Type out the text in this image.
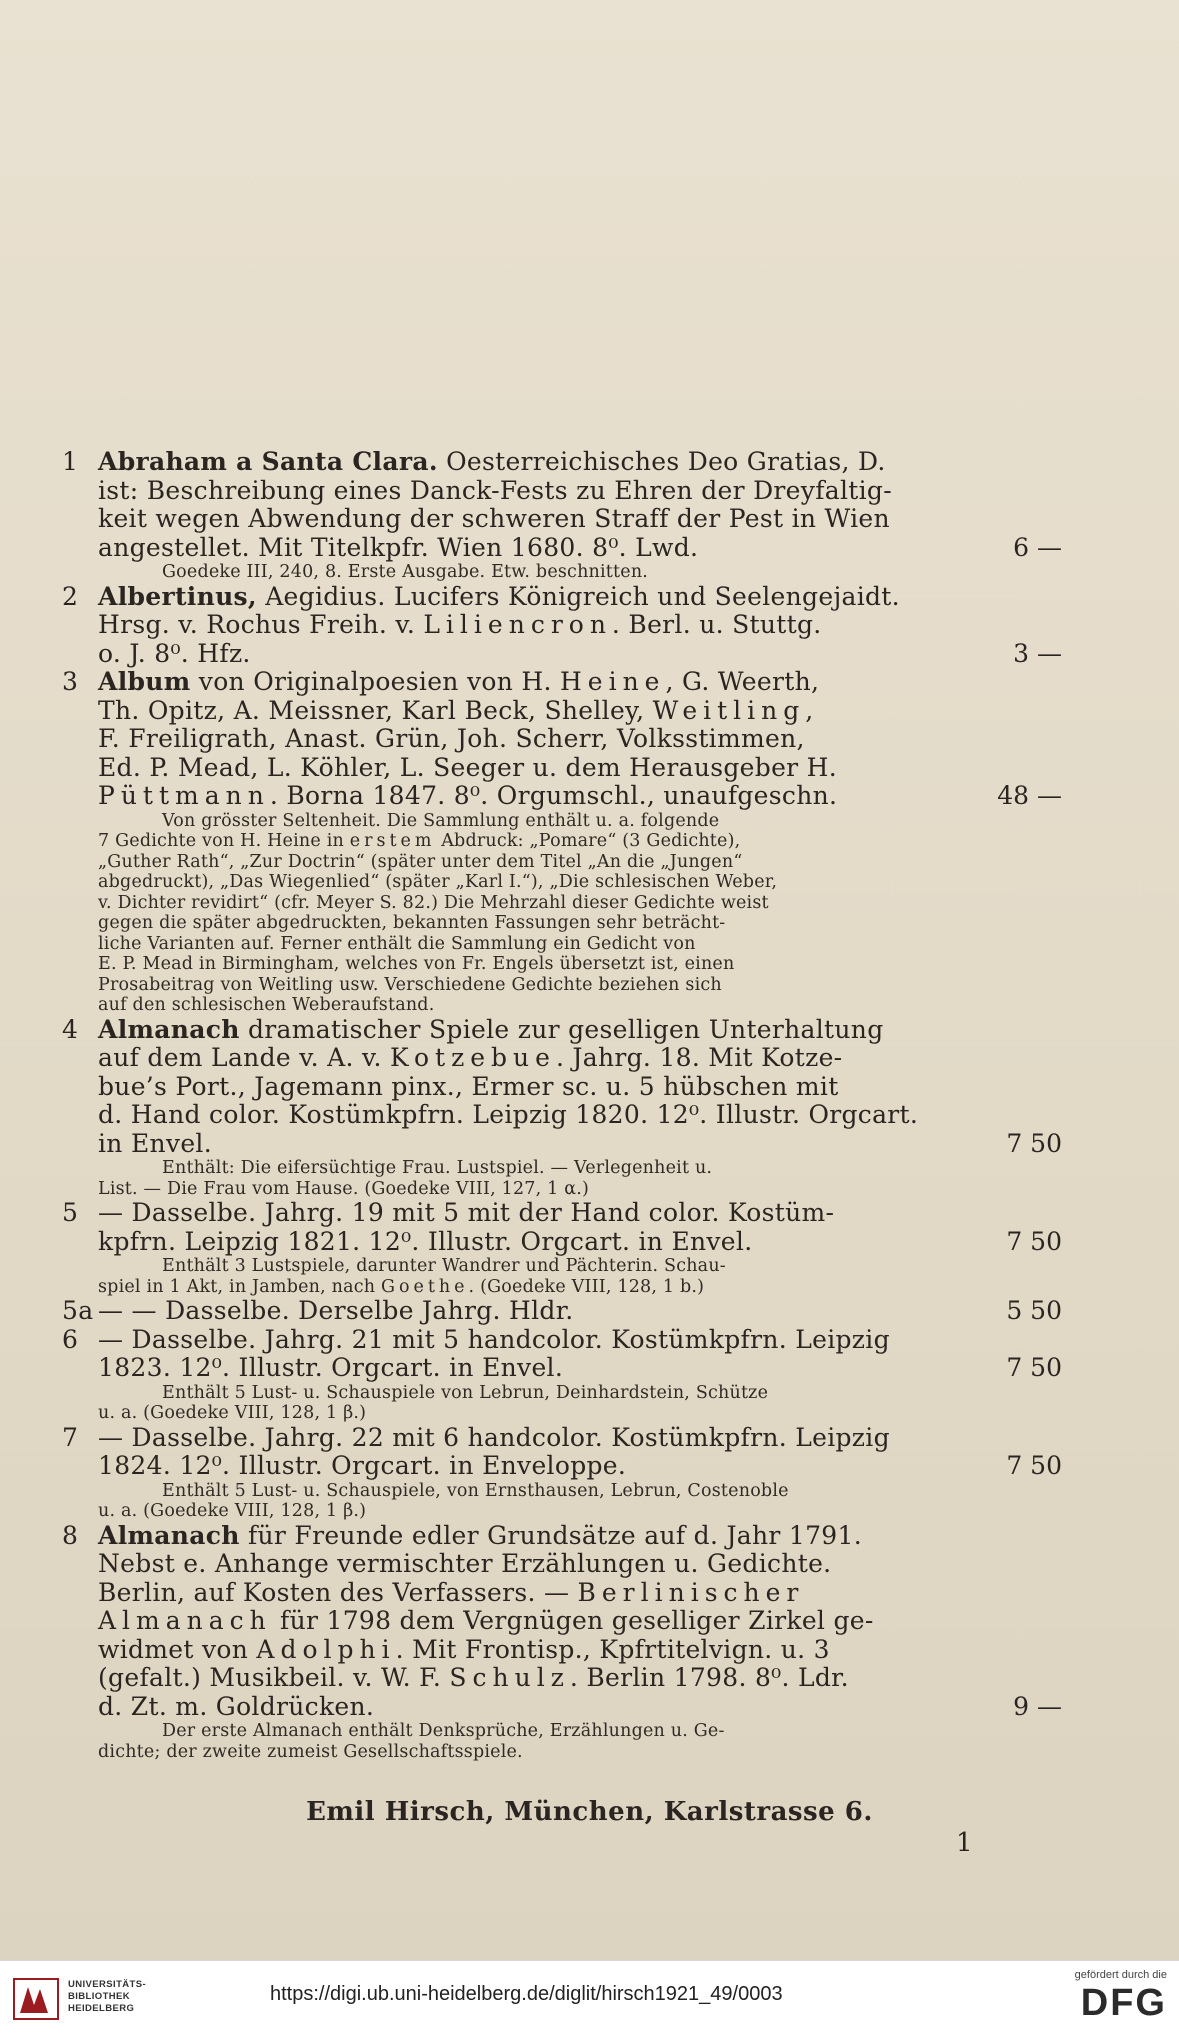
1 Abraham a Santa Clara. Oesterreichisches Deo Gratias, D.
ist: Beschreibung eines Danck-Fests zu Ehren der Dreyfaltig-
keit wegen Abwendung der schweren Straff der Pest in Wien
angestellet. Mit Titelkpfr. Wien 1680. 8⁰. Lwd.	6 —
Goedeke III, 240, 8. Erste Ausgabe. Etw. beschnitten.
2 Albertinus, Aegidius. Lucifers Königreich und Seelengejaidt.
Hrsg. v. Rochus Freih. v. Liliencron. Berl. u. Stuttg.
o. J. 8⁰. Hfz.	3 —
3 Album von Originalpoesien von H. Heine, G. Weerth,
Th. Opitz, A. Meissner, Karl Beck, Shelley, Weitling,
F. Freiligrath, Anast. Grün, Joh. Scherr, Volksstimmen,
Ed. P. Mead, L. Köhler, L. Seeger u. dem Herausgeber H.
Püttmann. Borna 1847. 8⁰. Orgumschl., unaufgeschn.	48 —
Von grösster Seltenheit. Die Sammlung enthält u. a. folgende
7 Gedichte von H. Heine in erstem Abdruck: „Pomare“ (3 Gedichte),
„Guther Rath“, „Zur Doctrin“ (später unter dem Titel „An die „Jungen“
abgedruckt), „Das Wiegenlied“ (später „Karl I.“), „Die schlesischen Weber,
v. Dichter revidirt“ (cfr. Meyer S. 82.) Die Mehrzahl dieser Gedichte weist
gegen die später abgedruckten, bekannten Fassungen sehr beträcht-
liche Varianten auf. Ferner enthält die Sammlung ein Gedicht von
E. P. Mead in Birmingham, welches von Fr. Engels übersetzt ist, einen
Prosabeitrag von Weitling usw. Verschiedene Gedichte beziehen sich
auf den schlesischen Weberaufstand.
4 Almanach dramatischer Spiele zur geselligen Unterhaltung
auf dem Lande v. A. v. Kotzebue. Jahrg. 18. Mit Kotze-
bue’s Port., Jagemann pinx., Ermer sc. u. 5 hübschen mit
d. Hand color. Kostümkpfrn. Leipzig 1820. 12⁰. Illustr. Orgcart.
in Envel.	7 50
Enthält: Die eifersüchtige Frau. Lustspiel. — Verlegenheit u.
List. — Die Frau vom Hause. (Goedeke VIII, 127, 1 α.)
5 — Dasselbe. Jahrg. 19 mit 5 mit der Hand color. Kostüm-
kpfrn. Leipzig 1821. 12⁰. Illustr. Orgcart. in Envel.	7 50
Enthält 3 Lustspiele, darunter Wandrer und Pächterin. Schau-
spiel in 1 Akt, in Jamben, nach Goethe. (Goedeke VIII, 128, 1 b.)
5a — — Dasselbe. Derselbe Jahrg. Hldr.	5 50
6 — Dasselbe. Jahrg. 21 mit 5 handcolor. Kostümkpfrn. Leipzig
1823. 12⁰. Illustr. Orgcart. in Envel.	7 50
Enthält 5 Lust- u. Schauspiele von Lebrun, Deinhardstein, Schütze
u. a. (Goedeke VIII, 128, 1 β.)
7 — Dasselbe. Jahrg. 22 mit 6 handcolor. Kostümkpfrn. Leipzig
1824. 12⁰. Illustr. Orgcart. in Enveloppe.	7 50
Enthält 5 Lust- u. Schauspiele, von Ernsthausen, Lebrun, Costenoble
u. a. (Goedeke VIII, 128, 1 β.)
8 Almanach für Freunde edler Grundsätze auf d. Jahr 1791.
Nebst e. Anhange vermischter Erzählungen u. Gedichte.
Berlin, auf Kosten des Verfassers. — Berlinischer
Almanach für 1798 dem Vergnügen geselliger Zirkel ge-
widmet von Adolphi. Mit Frontisp., Kpfrtitelvign. u. 3
(gefalt.) Musikbeil. v. W. F. Schulz. Berlin 1798. 8⁰. Ldr.
d. Zt. m. Goldrücken.	9 —
Der erste Almanach enthält Denksprüche, Erzählungen u. Ge-
dichte; der zweite zumeist Gesellschaftsspiele.
Emil Hirsch, München, Karlstrasse 6.
1
UNIVERSITÄTS-
BIBLIOTHEK
HEIDELBERG
https://digi.ub.uni-heidelberg.de/diglit/hirsch1921_49/0003
gefördert durch die
DFG
